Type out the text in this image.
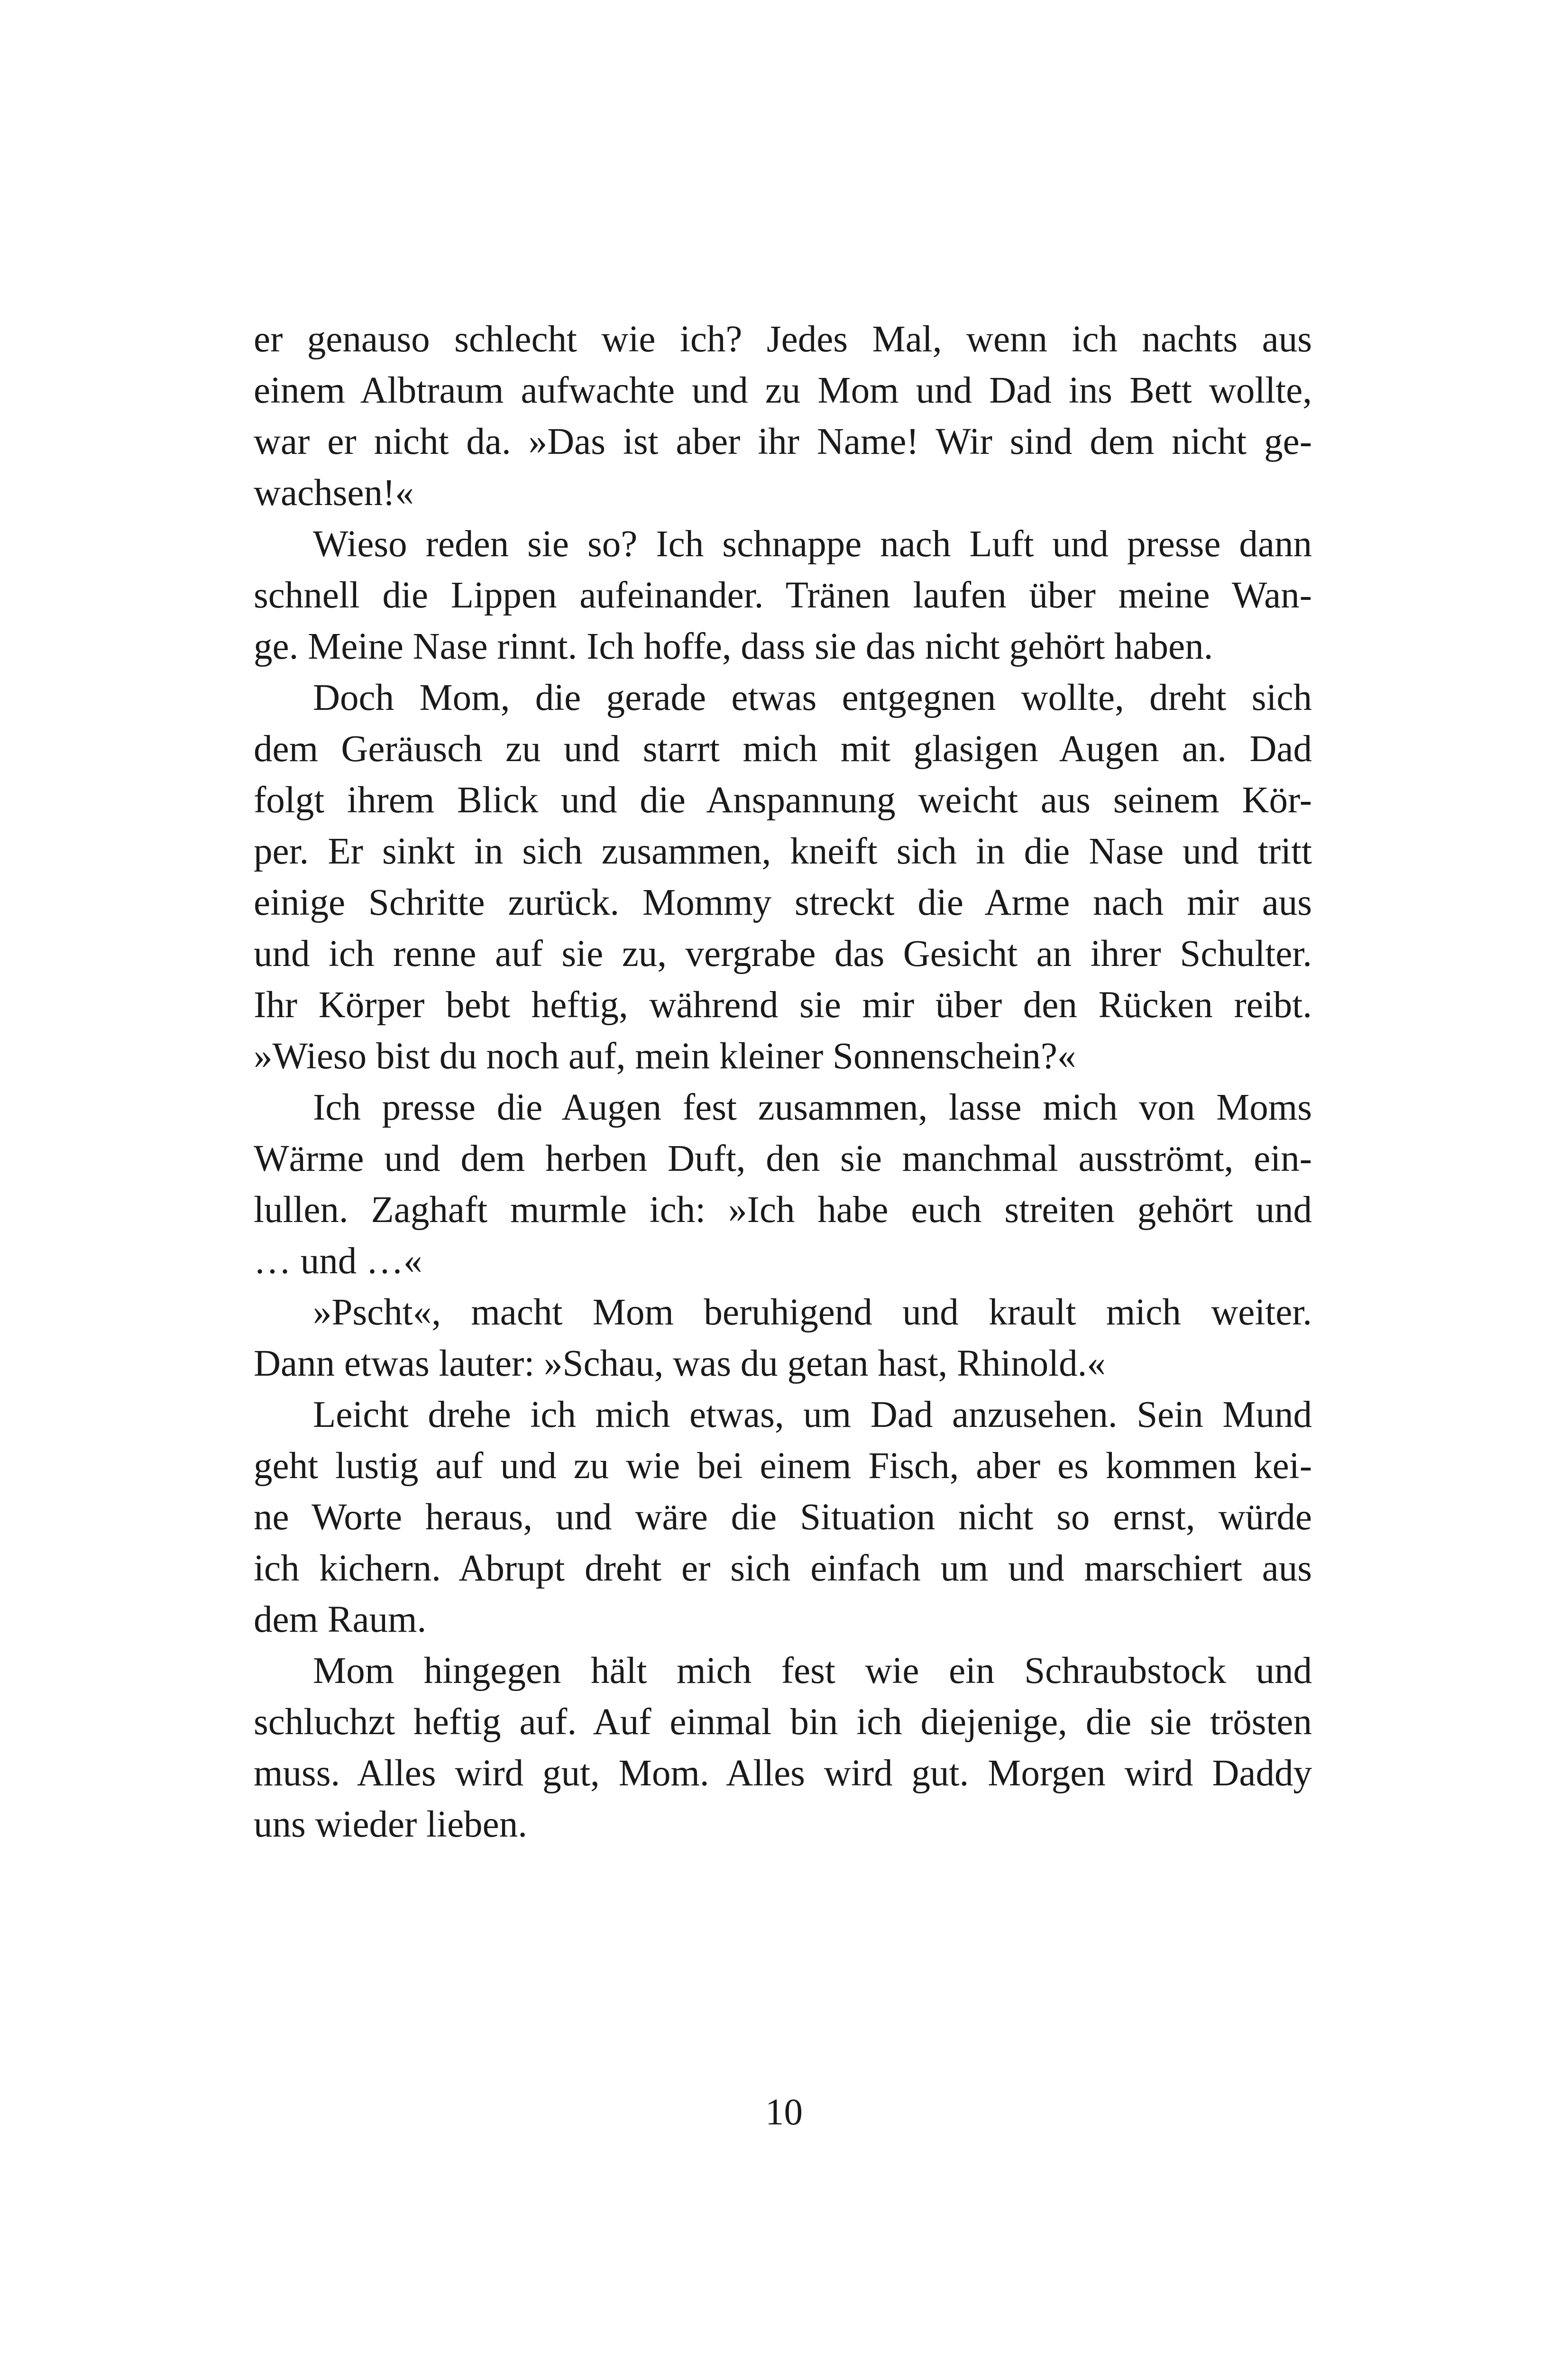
er genauso schlecht wie ich? Jedes Mal, wenn ich nachts aus
einem Albtraum aufwachte und zu Mom und Dad ins Bett wollte,
war er nicht da. »Das ist aber ihr Name! Wir sind dem nicht ge-
wachsen!«
Wieso reden sie so? Ich schnappe nach Luft und presse dann
schnell die Lippen aufeinander. Tränen laufen über meine Wan-
ge. Meine Nase rinnt. Ich hoffe, dass sie das nicht gehört haben.
Doch Mom, die gerade etwas entgegnen wollte, dreht sich
dem Geräusch zu und starrt mich mit glasigen Augen an. Dad
folgt ihrem Blick und die Anspannung weicht aus seinem Kör-
per. Er sinkt in sich zusammen, kneift sich in die Nase und tritt
einige Schritte zurück. Mommy streckt die Arme nach mir aus
und ich renne auf sie zu, vergrabe das Gesicht an ihrer Schulter.
Ihr Körper bebt heftig, während sie mir über den Rücken reibt.
»Wieso bist du noch auf, mein kleiner Sonnenschein?«
Ich presse die Augen fest zusammen, lasse mich von Moms
Wärme und dem herben Duft, den sie manchmal ausströmt, ein-
lullen. Zaghaft murmle ich: »Ich habe euch streiten gehört und
… und …«
»Pscht«, macht Mom beruhigend und krault mich weiter.
Dann etwas lauter: »Schau, was du getan hast, Rhinold.«
Leicht drehe ich mich etwas, um Dad anzusehen. Sein Mund
geht lustig auf und zu wie bei einem Fisch, aber es kommen kei-
ne Worte heraus, und wäre die Situation nicht so ernst, würde
ich kichern. Abrupt dreht er sich einfach um und marschiert aus
dem Raum.
Mom hingegen hält mich fest wie ein Schraubstock und
schluchzt heftig auf. Auf einmal bin ich diejenige, die sie trösten
muss. Alles wird gut, Mom. Alles wird gut. Morgen wird Daddy
uns wieder lieben.
10
